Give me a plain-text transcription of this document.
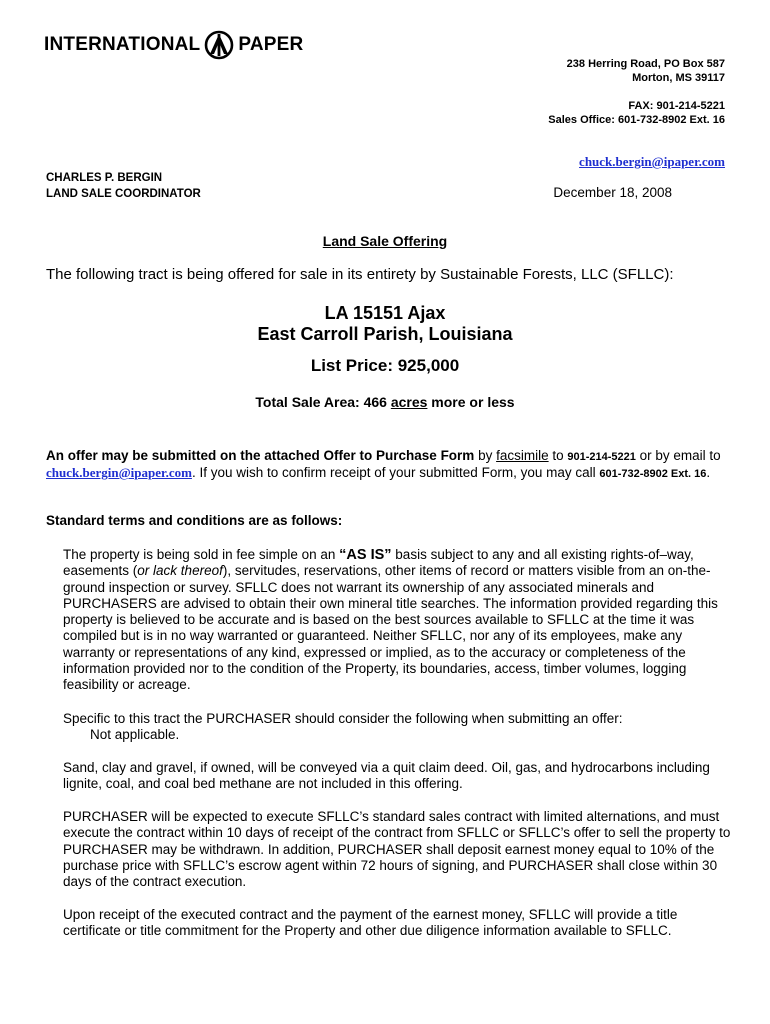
INTERNATIONAL PAPER
238 Herring Road, PO Box 587
Morton, MS 39117
FAX: 901-214-5221
Sales Office: 601-732-8902 Ext. 16
chuck.bergin@ipaper.com
CHARLES P. BERGIN
LAND SALE COORDINATOR	December 18, 2008
Land Sale Offering
The following tract is being offered for sale in its entirety by Sustainable Forests, LLC (SFLLC):
LA 15151 Ajax
East Carroll Parish, Louisiana
List Price: 925,000
Total Sale Area: 466 acres more or less
An offer may be submitted on the attached Offer to Purchase Form by facsimile to 901-214-5221 or by email to chuck.bergin@ipaper.com. If you wish to confirm receipt of your submitted Form, you may call 601-732-8902 Ext. 16.
Standard terms and conditions are as follows:
The property is being sold in fee simple on an “AS IS” basis subject to any and all existing rights-of–way, easements (or lack thereof), servitudes, reservations, other items of record or matters visible from an on-the-ground inspection or survey. SFLLC does not warrant its ownership of any associated minerals and PURCHASERS are advised to obtain their own mineral title searches. The information provided regarding this property is believed to be accurate and is based on the best sources available to SFLLC at the time it was compiled but is in no way warranted or guaranteed. Neither SFLLC, nor any of its employees, make any warranty or representations of any kind, expressed or implied, as to the accuracy or completeness of the information provided nor to the condition of the Property, its boundaries, access, timber volumes, logging feasibility or acreage.
Specific to this tract the PURCHASER should consider the following when submitting an offer:
Not applicable.
Sand, clay and gravel, if owned, will be conveyed via a quit claim deed. Oil, gas, and hydrocarbons including lignite, coal, and coal bed methane are not included in this offering.
PURCHASER will be expected to execute SFLLC’s standard sales contract with limited alternations, and must execute the contract within 10 days of receipt of the contract from SFLLC or SFLLC’s offer to sell the property to PURCHASER may be withdrawn. In addition, PURCHASER shall deposit earnest money equal to 10% of the purchase price with SFLLC’s escrow agent within 72 hours of signing, and PURCHASER shall close within 30 days of the contract execution.
Upon receipt of the executed contract and the payment of the earnest money, SFLLC will provide a title certificate or title commitment for the Property and other due diligence information available to SFLLC.
